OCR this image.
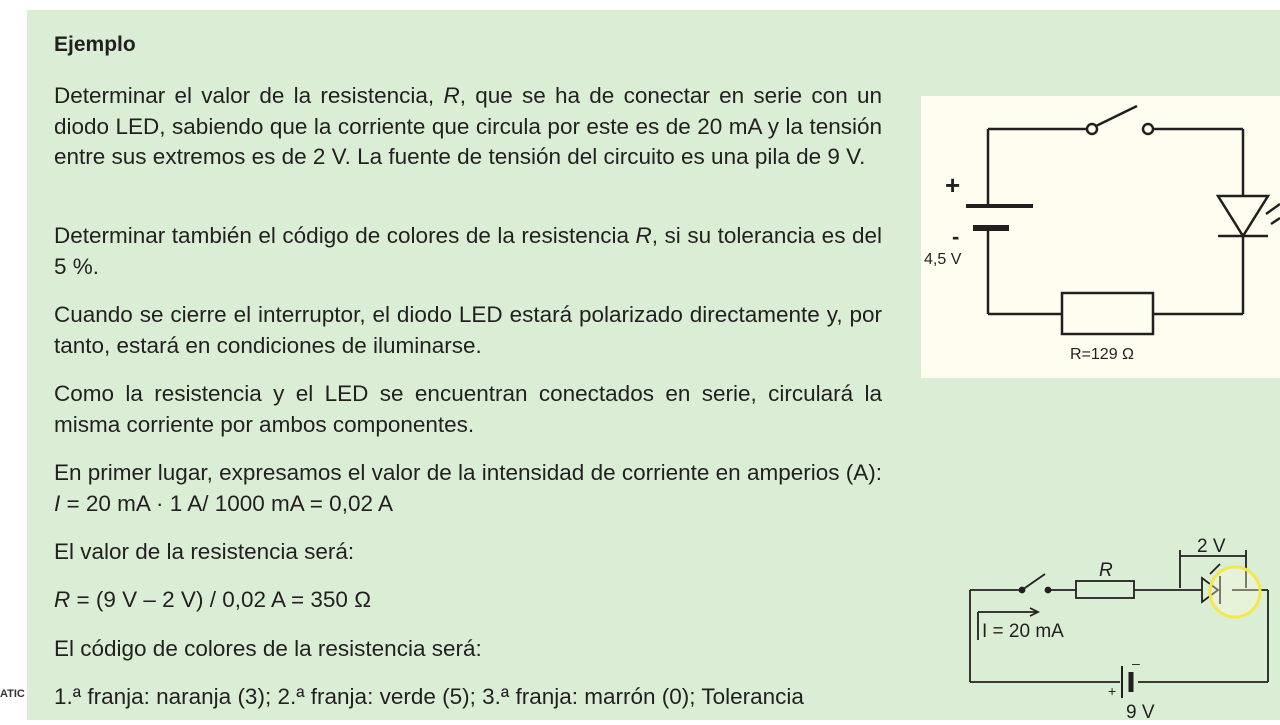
Ejemplo

Determinar el valor de la resistencia, R, que se ha de conectar en serie con un diodo LED, sabiendo que la corriente que circula por este es de 20 mA y la tensión entre sus extremos es de 2 V. La fuente de tensión del circuito es una pila de 9 V.

Determinar también el código de colores de la resistencia R, si su tolerancia es del 5 %.

Cuando se cierre el interruptor, el diodo LED estará polarizado directamente y, por tanto, estará en condiciones de iluminarse.

Como la resistencia y el LED se encuentran conectados en serie, circulará la misma corriente por ambos componentes.

En primer lugar, expresamos el valor de la intensidad de corriente en amperios (A): I = 20 mA · 1 A/ 1000 mA = 0,02 A

El valor de la resistencia será:

R = (9 V – 2 V) / 0,02 A = 350 Ω

El código de colores de la resistencia será:

1.ª franja: naranja (3); 2.ª franja: verde (5); 3.ª franja: marrón (0); Tolerancia

ATIC
+
-
4,5 V
R=129 Ω
R
2 V
I = 20 mA
+
–
9 V
